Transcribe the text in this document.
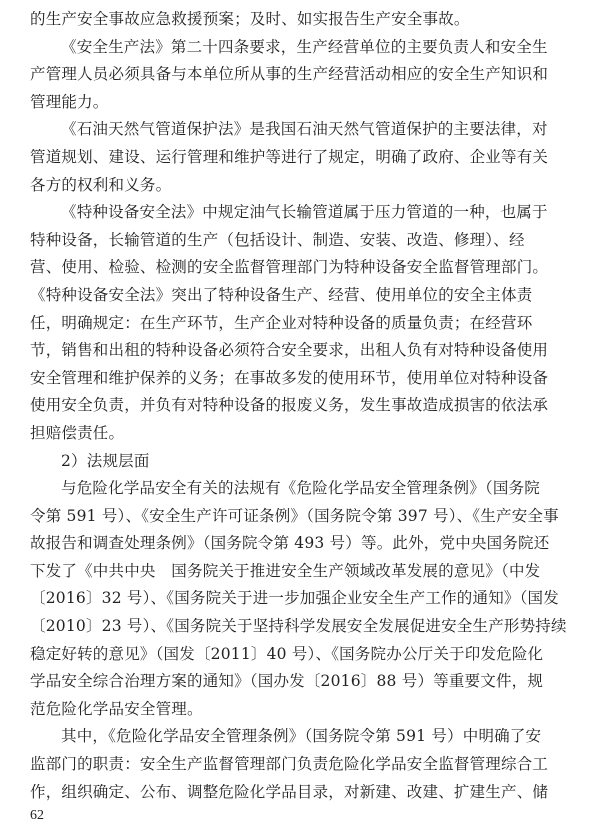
的生产安全事故应急救援预案；及时、如实报告生产安全事故。
《安全生产法》第二十四条要求，生产经营单位的主要负责人和安全生
产管理人员必须具备与本单位所从事的生产经营活动相应的安全生产知识和
管理能力。
《石油天然气管道保护法》是我国石油天然气管道保护的主要法律，对
管道规划、建设、运行管理和维护等进行了规定，明确了政府、企业等有关
各方的权利和义务。
《特种设备安全法》中规定油气长输管道属于压力管道的一种，也属于
特种设备，长输管道的生产（包括设计、制造、安装、改造、修理）、经
营、使用、检验、检测的安全监督管理部门为特种设备安全监督管理部门。
《特种设备安全法》突出了特种设备生产、经营、使用单位的安全主体责
任，明确规定：在生产环节，生产企业对特种设备的质量负责；在经营环
节，销售和出租的特种设备必须符合安全要求，出租人负有对特种设备使用
安全管理和维护保养的义务；在事故多发的使用环节，使用单位对特种设备
使用安全负责，并负有对特种设备的报废义务，发生事故造成损害的依法承
担赔偿责任。
2）法规层面
与危险化学品安全有关的法规有《危险化学品安全管理条例》（国务院
令第 591 号）、《安全生产许可证条例》（国务院令第 397 号）、《生产安全事
故报告和调查处理条例》（国务院令第 493 号）等。此外，党中央国务院还
下发了《中共中央　国务院关于推进安全生产领域改革发展的意见》（中发
〔2016〕32 号）、《国务院关于进一步加强企业安全生产工作的通知》（国发
〔2010〕23 号）、《国务院关于坚持科学发展安全发展促进安全生产形势持续
稳定好转的意见》（国发〔2011〕40 号）、《国务院办公厅关于印发危险化
学品安全综合治理方案的通知》（国办发〔2016〕88 号）等重要文件，规
范危险化学品安全管理。
其中，《危险化学品安全管理条例》（国务院令第 591 号）中明确了安
监部门的职责：安全生产监督管理部门负责危险化学品安全监督管理综合工
作，组织确定、公布、调整危险化学品目录，对新建、改建、扩建生产、储
62
